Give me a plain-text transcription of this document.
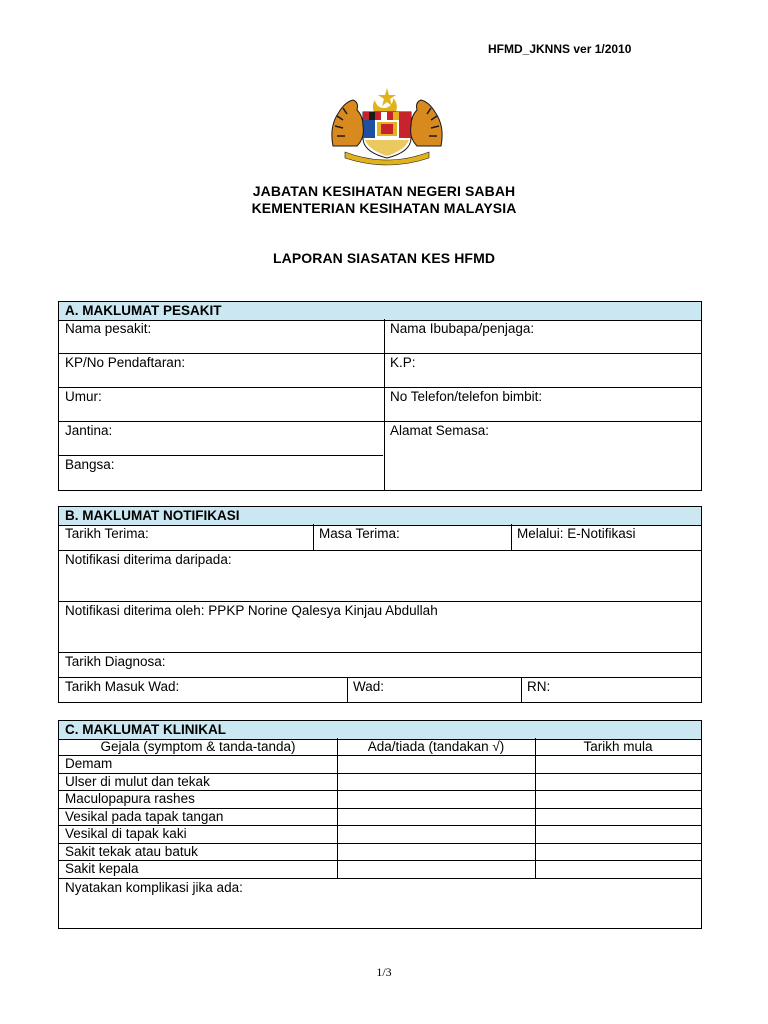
HFMD_JKNNS ver 1/2010
JABATAN KESIHATAN NEGERI SABAH
KEMENTERIAN KESIHATAN MALAYSIA
LAPORAN SIASATAN KES HFMD
A. MAKLUMAT PESAKIT
Nama pesakit:	Nama Ibubapa/penjaga:
KP/No Pendaftaran:	K.P:
Umur:	No Telefon/telefon bimbit:
Jantina:	Alamat Semasa:
Bangsa:
B. MAKLUMAT NOTIFIKASI
Tarikh Terima:	Masa Terima:	Melalui: E-Notifikasi
Notifikasi diterima daripada:
Notifikasi diterima oleh: PPKP Norine Qalesya Kinjau Abdullah
Tarikh Diagnosa:
Tarikh Masuk Wad:	Wad:	RN:
C. MAKLUMAT KLINIKAL
Gejala (symptom & tanda-tanda)	Ada/tiada (tandakan √)	Tarikh mula
Demam
Ulser di mulut dan tekak
Maculopapura rashes
Vesikal pada tapak tangan
Vesikal di tapak kaki
Sakit tekak atau batuk
Sakit kepala
Nyatakan komplikasi jika ada:
1/3
